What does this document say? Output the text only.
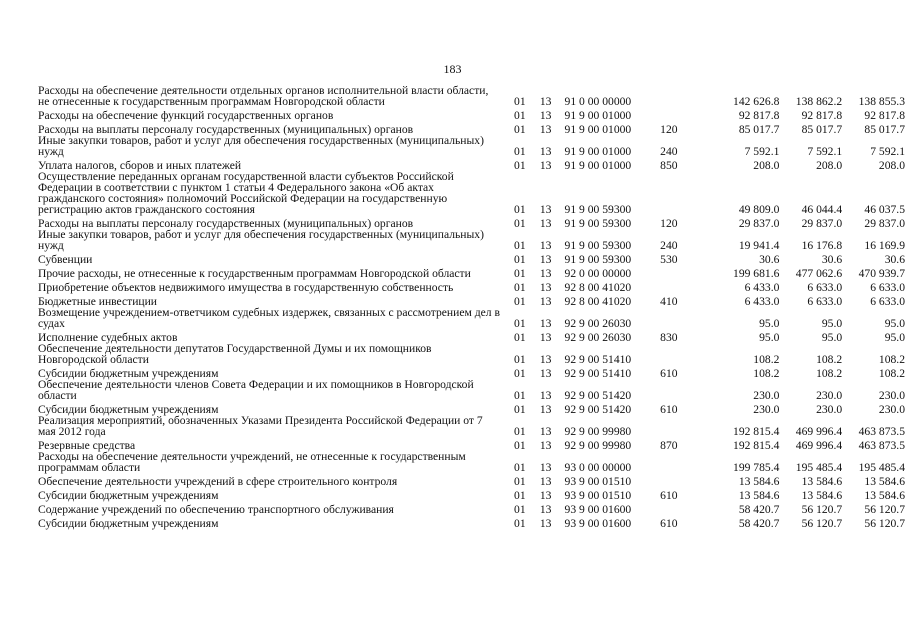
183
Расходы на обеспечение деятельности отдельных органов исполнительной власти области, не отнесенные к государственным программам Новгородской области	01	13	91 0 00 00000		142 626.8	138 862.2	138 855.3
Расходы на обеспечение функций государственных органов	01	13	91 9 00 01000		92 817.8	92 817.8	92 817.8
Расходы на выплаты персоналу государственных (муниципальных) органов	01	13	91 9 00 01000	120	85 017.7	85 017.7	85 017.7
Иные закупки товаров, работ и услуг для обеспечения государственных (муниципальных) нужд	01	13	91 9 00 01000	240	7 592.1	7 592.1	7 592.1
Уплата налогов, сборов и иных платежей	01	13	91 9 00 01000	850	208.0	208.0	208.0
Осуществление переданных органам государственной власти субъектов Российской Федерации в соответствии с пунктом 1 статьи 4 Федерального закона «Об актах гражданского состояния» полномочий Российской Федерации на государственную регистрацию актов гражданского состояния	01	13	91 9 00 59300		49 809.0	46 044.4	46 037.5
Расходы на выплаты персоналу государственных (муниципальных) органов	01	13	91 9 00 59300	120	29 837.0	29 837.0	29 837.0
Иные закупки товаров, работ и услуг для обеспечения государственных (муниципальных) нужд	01	13	91 9 00 59300	240	19 941.4	16 176.8	16 169.9
Субвенции	01	13	91 9 00 59300	530	30.6	30.6	30.6
Прочие расходы, не отнесенные к государственным программам Новгородской области	01	13	92 0 00 00000		199 681.6	477 062.6	470 939.7
Приобретение объектов недвижимого имущества в государственную собственность	01	13	92 8 00 41020		6 433.0	6 633.0	6 633.0
Бюджетные инвестиции	01	13	92 8 00 41020	410	6 433.0	6 633.0	6 633.0
Возмещение учреждением-ответчиком судебных издержек, связанных с рассмотрением дел в судах	01	13	92 9 00 26030		95.0	95.0	95.0
Исполнение судебных актов	01	13	92 9 00 26030	830	95.0	95.0	95.0
Обеспечение деятельности депутатов Государственной Думы и их помощников Новгородской области	01	13	92 9 00 51410		108.2	108.2	108.2
Субсидии бюджетным учреждениям	01	13	92 9 00 51410	610	108.2	108.2	108.2
Обеспечение деятельности членов Совета Федерации и их помощников в Новгородской области	01	13	92 9 00 51420		230.0	230.0	230.0
Субсидии бюджетным учреждениям	01	13	92 9 00 51420	610	230.0	230.0	230.0
Реализация мероприятий, обозначенных Указами Президента Российской Федерации от 7 мая 2012 года	01	13	92 9 00 99980		192 815.4	469 996.4	463 873.5
Резервные средства	01	13	92 9 00 99980	870	192 815.4	469 996.4	463 873.5
Расходы на обеспечение деятельности учреждений, не отнесенные к государственным программам области	01	13	93 0 00 00000		199 785.4	195 485.4	195 485.4
Обеспечение деятельности учреждений в сфере строительного контроля	01	13	93 9 00 01510		13 584.6	13 584.6	13 584.6
Субсидии бюджетным учреждениям	01	13	93 9 00 01510	610	13 584.6	13 584.6	13 584.6
Содержание учреждений по обеспечению транспортного обслуживания	01	13	93 9 00 01600		58 420.7	56 120.7	56 120.7
Субсидии бюджетным учреждениям	01	13	93 9 00 01600	610	58 420.7	56 120.7	56 120.7
